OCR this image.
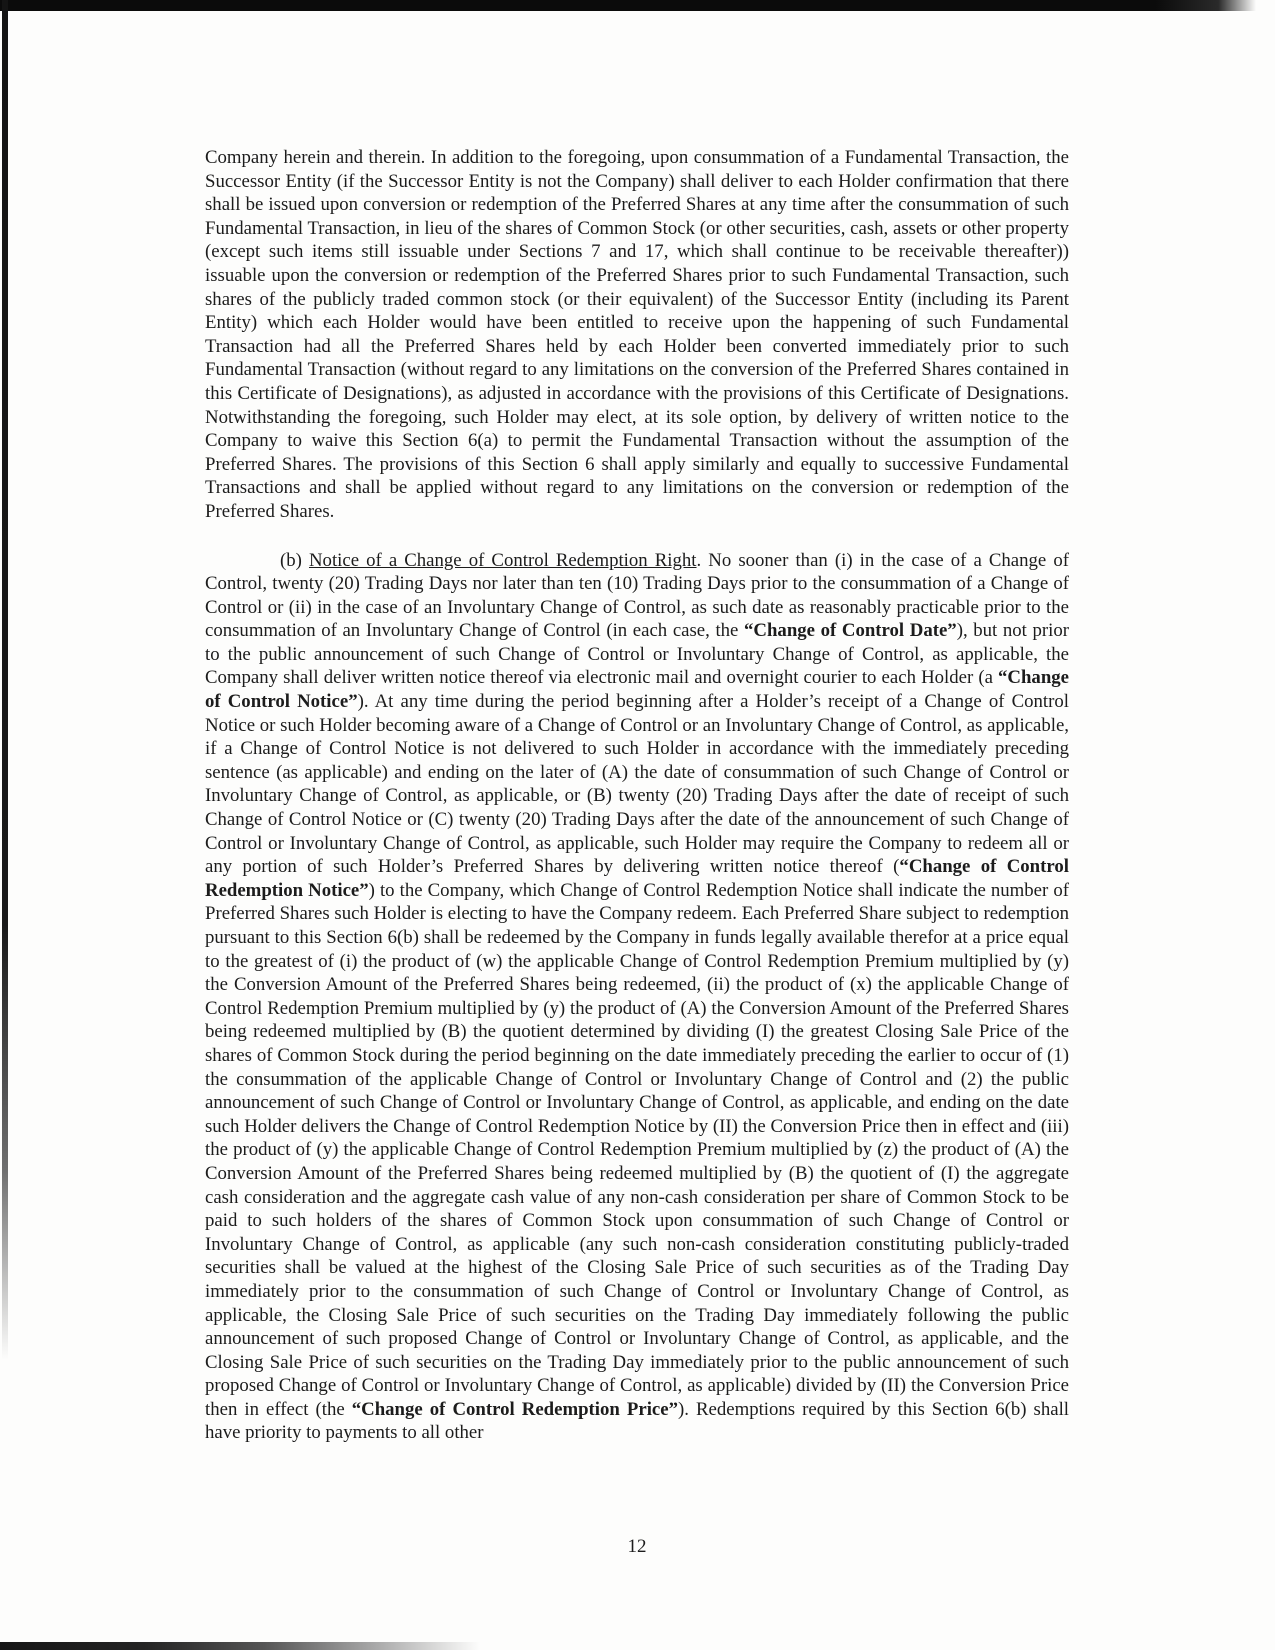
Company herein and therein. In addition to the foregoing, upon consummation of a Fundamental Transaction, the Successor Entity (if the Successor Entity is not the Company) shall deliver to each Holder confirmation that there shall be issued upon conversion or redemption of the Preferred Shares at any time after the consummation of such Fundamental Transaction, in lieu of the shares of Common Stock (or other securities, cash, assets or other property (except such items still issuable under Sections 7 and 17, which shall continue to be receivable thereafter)) issuable upon the conversion or redemption of the Preferred Shares prior to such Fundamental Transaction, such shares of the publicly traded common stock (or their equivalent) of the Successor Entity (including its Parent Entity) which each Holder would have been entitled to receive upon the happening of such Fundamental Transaction had all the Preferred Shares held by each Holder been converted immediately prior to such Fundamental Transaction (without regard to any limitations on the conversion of the Preferred Shares contained in this Certificate of Designations), as adjusted in accordance with the provisions of this Certificate of Designations. Notwithstanding the foregoing, such Holder may elect, at its sole option, by delivery of written notice to the Company to waive this Section 6(a) to permit the Fundamental Transaction without the assumption of the Preferred Shares. The provisions of this Section 6 shall apply similarly and equally to successive Fundamental Transactions and shall be applied without regard to any limitations on the conversion or redemption of the Preferred Shares.

(b) Notice of a Change of Control Redemption Right. No sooner than (i) in the case of a Change of Control, twenty (20) Trading Days nor later than ten (10) Trading Days prior to the consummation of a Change of Control or (ii) in the case of an Involuntary Change of Control, as such date as reasonably practicable prior to the consummation of an Involuntary Change of Control (in each case, the “Change of Control Date”), but not prior to the public announcement of such Change of Control or Involuntary Change of Control, as applicable, the Company shall deliver written notice thereof via electronic mail and overnight courier to each Holder (a “Change of Control Notice”). At any time during the period beginning after a Holder’s receipt of a Change of Control Notice or such Holder becoming aware of a Change of Control or an Involuntary Change of Control, as applicable, if a Change of Control Notice is not delivered to such Holder in accordance with the immediately preceding sentence (as applicable) and ending on the later of (A) the date of consummation of such Change of Control or Involuntary Change of Control, as applicable, or (B) twenty (20) Trading Days after the date of receipt of such Change of Control Notice or (C) twenty (20) Trading Days after the date of the announcement of such Change of Control or Involuntary Change of Control, as applicable, such Holder may require the Company to redeem all or any portion of such Holder’s Preferred Shares by delivering written notice thereof (“Change of Control Redemption Notice”) to the Company, which Change of Control Redemption Notice shall indicate the number of Preferred Shares such Holder is electing to have the Company redeem. Each Preferred Share subject to redemption pursuant to this Section 6(b) shall be redeemed by the Company in funds legally available therefor at a price equal to the greatest of (i) the product of (w) the applicable Change of Control Redemption Premium multiplied by (y) the Conversion Amount of the Preferred Shares being redeemed, (ii) the product of (x) the applicable Change of Control Redemption Premium multiplied by (y) the product of (A) the Conversion Amount of the Preferred Shares being redeemed multiplied by (B) the quotient determined by dividing (I) the greatest Closing Sale Price of the shares of Common Stock during the period beginning on the date immediately preceding the earlier to occur of (1) the consummation of the applicable Change of Control or Involuntary Change of Control and (2) the public announcement of such Change of Control or Involuntary Change of Control, as applicable, and ending on the date such Holder delivers the Change of Control Redemption Notice by (II) the Conversion Price then in effect and (iii) the product of (y) the applicable Change of Control Redemption Premium multiplied by (z) the product of (A) the Conversion Amount of the Preferred Shares being redeemed multiplied by (B) the quotient of (I) the aggregate cash consideration and the aggregate cash value of any non-cash consideration per share of Common Stock to be paid to such holders of the shares of Common Stock upon consummation of such Change of Control or Involuntary Change of Control, as applicable (any such non-cash consideration constituting publicly-traded securities shall be valued at the highest of the Closing Sale Price of such securities as of the Trading Day immediately prior to the consummation of such Change of Control or Involuntary Change of Control, as applicable, the Closing Sale Price of such securities on the Trading Day immediately following the public announcement of such proposed Change of Control or Involuntary Change of Control, as applicable, and the Closing Sale Price of such securities on the Trading Day immediately prior to the public announcement of such proposed Change of Control or Involuntary Change of Control, as applicable) divided by (II) the Conversion Price then in effect (the “Change of Control Redemption Price”). Redemptions required by this Section 6(b) shall have priority to payments to all other

12
